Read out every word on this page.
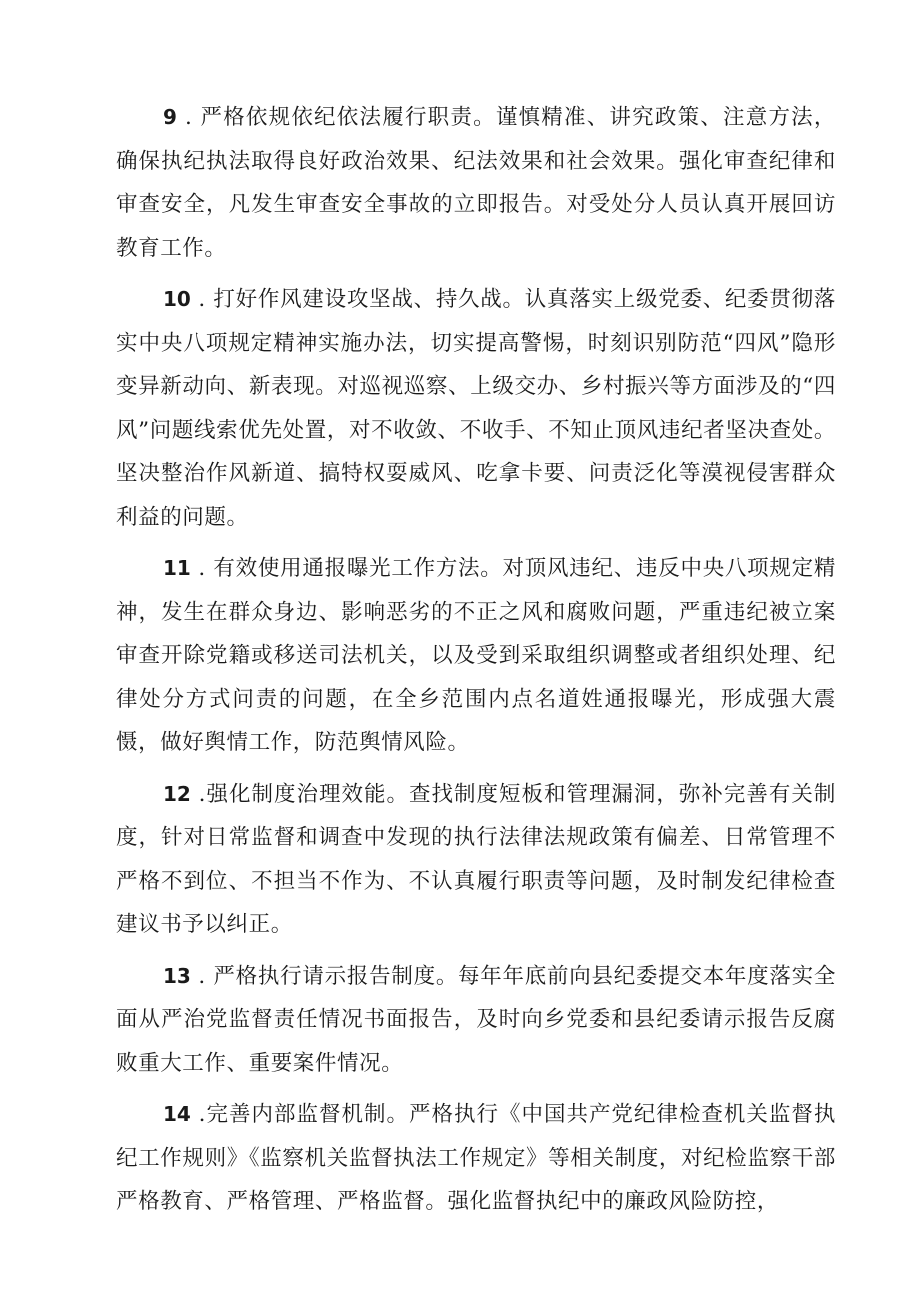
9 . 严格依规依纪依法履行职责。谨慎精准、讲究政策、注意方法，确保执纪执法取得良好政治效果、纪法效果和社会效果。强化审查纪律和审查安全，凡发生审查安全事故的立即报告。对受处分人员认真开展回访教育工作。

10 . 打好作风建设攻坚战、持久战。认真落实上级党委、纪委贯彻落实中央八项规定精神实施办法，切实提高警惕，时刻识别防范“四风”隐形变异新动向、新表现。对巡视巡察、上级交办、乡村振兴等方面涉及的“四风”问题线索优先处置，对不收敛、不收手、不知止顶风违纪者坚决查处。坚决整治作风新道、搞特权耍威风、吃拿卡要、问责泛化等漠视侵害群众利益的问题。

11 . 有效使用通报曝光工作方法。对顶风违纪、违反中央八项规定精神，发生在群众身边、影响恶劣的不正之风和腐败问题，严重违纪被立案审查开除党籍或移送司法机关，以及受到采取组织调整或者组织处理、纪律处分方式问责的问题，在全乡范围内点名道姓通报曝光，形成强大震慑，做好舆情工作，防范舆情风险。

12 .强化制度治理效能。查找制度短板和管理漏洞，弥补完善有关制度，针对日常监督和调查中发现的执行法律法规政策有偏差、日常管理不严格不到位、不担当不作为、不认真履行职责等问题，及时制发纪律检查建议书予以纠正。

13 . 严格执行请示报告制度。每年年底前向县纪委提交本年度落实全面从严治党监督责任情况书面报告，及时向乡党委和县纪委请示报告反腐败重大工作、重要案件情况。

14 .完善内部监督机制。严格执行《中国共产党纪律检查机关监督执纪工作规则》《监察机关监督执法工作规定》等相关制度，对纪检监察干部严格教育、严格管理、严格监督。强化监督执纪中的廉政风险防控，
